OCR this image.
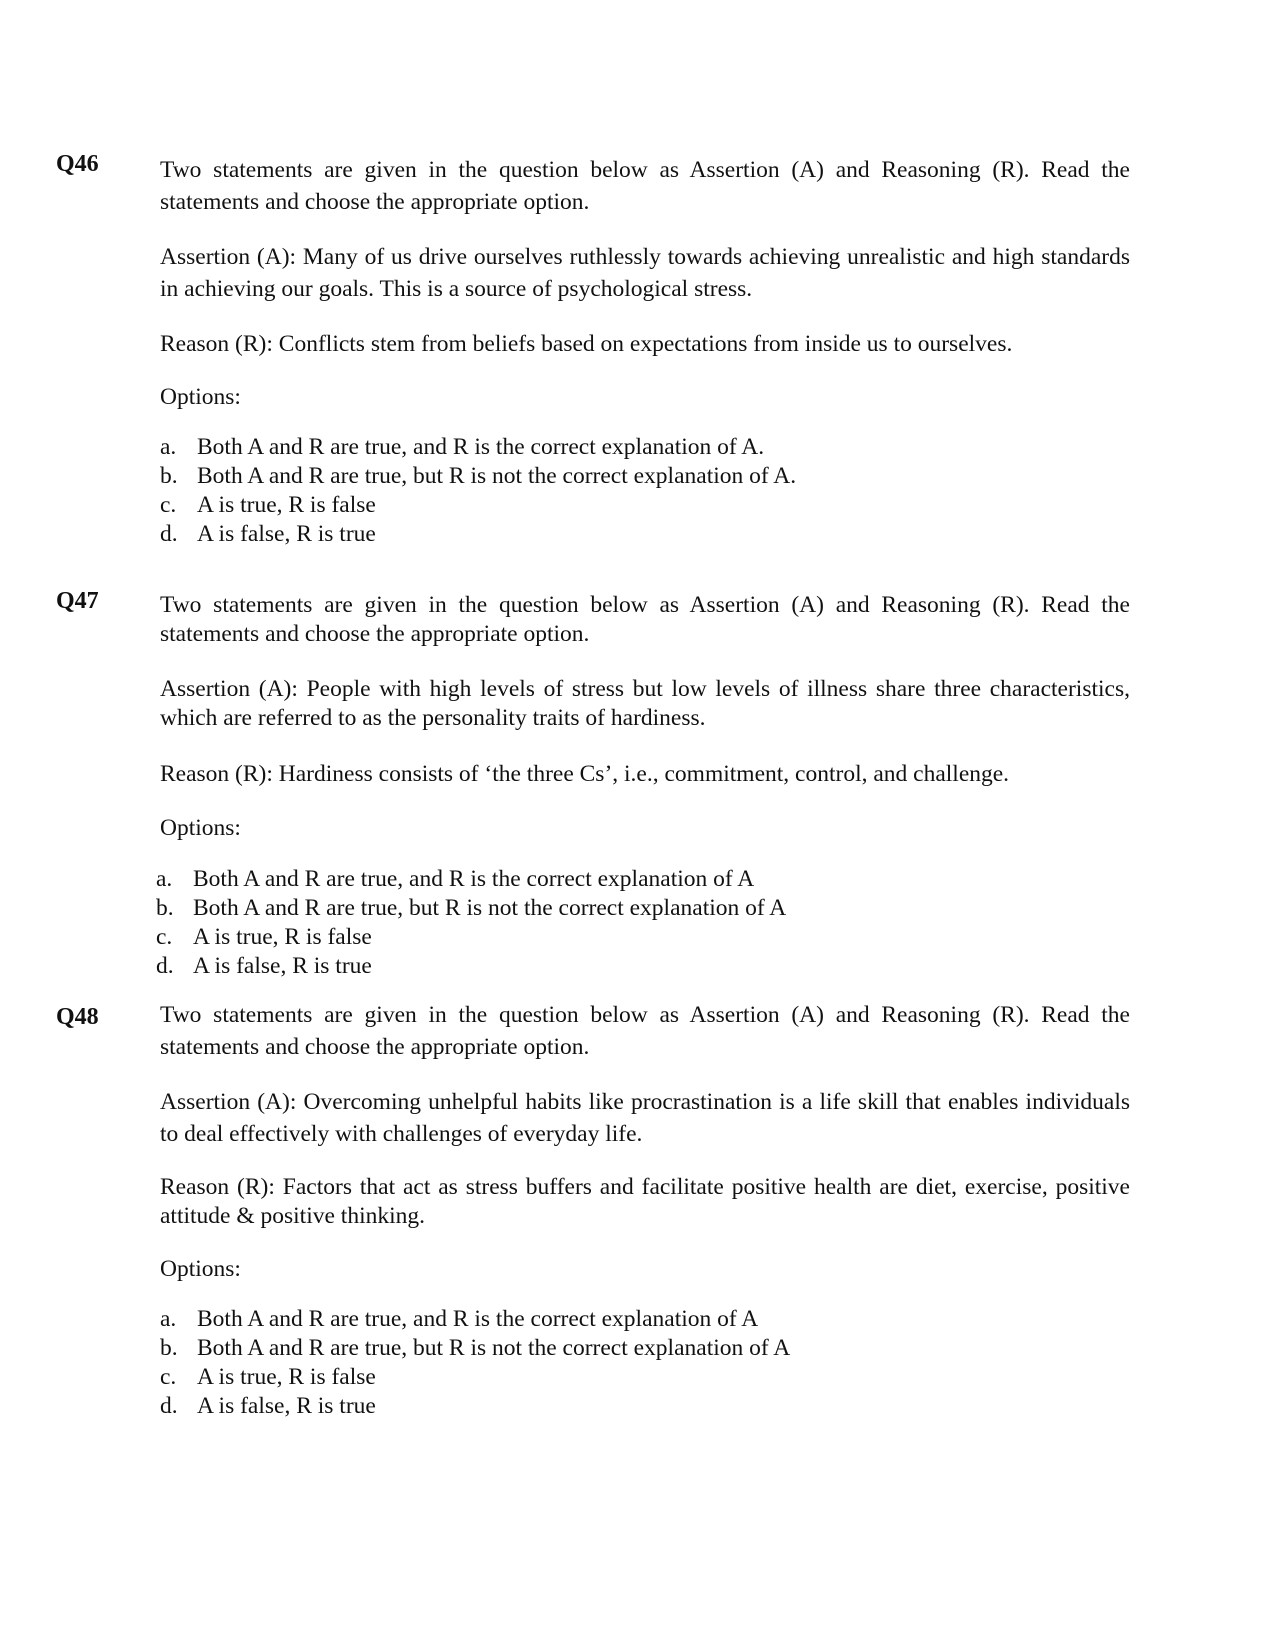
Q46	Two statements are given in the question below as Assertion (A) and Reasoning (R). Read the statements and choose the appropriate option.

Assertion (A): Many of us drive ourselves ruthlessly towards achieving unrealistic and high standards in achieving our goals. This is a source of psychological stress.

Reason (R): Conflicts stem from beliefs based on expectations from inside us to ourselves.

Options:

a. Both A and R are true, and R is the correct explanation of A.
b. Both A and R are true, but R is not the correct explanation of A.
c. A is true, R is false
d. A is false, R is true
Q47	Two statements are given in the question below as Assertion (A) and Reasoning (R). Read the statements and choose the appropriate option.

Assertion (A): People with high levels of stress but low levels of illness share three characteristics, which are referred to as the personality traits of hardiness.

Reason (R): Hardiness consists of ‘the three Cs’, i.e., commitment, control, and challenge.

Options:

a. Both A and R are true, and R is the correct explanation of A
b. Both A and R are true, but R is not the correct explanation of A
c. A is true, R is false
d. A is false, R is true
Q48	Two statements are given in the question below as Assertion (A) and Reasoning (R). Read the statements and choose the appropriate option.

Assertion (A): Overcoming unhelpful habits like procrastination is a life skill that enables individuals to deal effectively with challenges of everyday life.

Reason (R): Factors that act as stress buffers and facilitate positive health are diet, exercise, positive attitude & positive thinking.

Options:

a. Both A and R are true, and R is the correct explanation of A
b. Both A and R are true, but R is not the correct explanation of A
c. A is true, R is false
d. A is false, R is true
